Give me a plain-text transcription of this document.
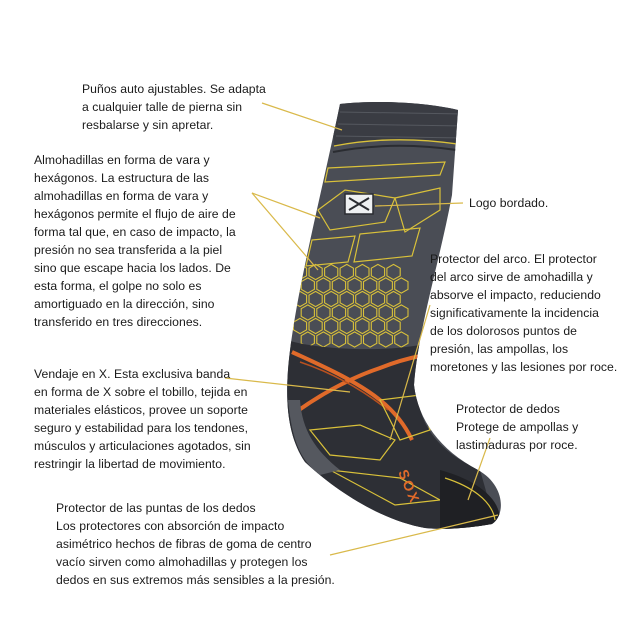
SOX
Puños auto ajustables. Se adapta
a cualquier talle de pierna sin
resbalarse y sin apretar.
Almohadillas en forma de vara y
hexágonos. La estructura de las
almohadillas en forma de vara y
hexágonos permite el flujo de aire de
forma tal que, en caso de impacto, la
presión no sea transferida a la piel
sino que escape hacia los lados. De
esta forma, el golpe no solo es
amortiguado en la dirección, sino
transferido en tres direcciones.
Logo bordado.
Protector del arco. El protector
del arco sirve de amohadilla y
absorve el impacto, reduciendo
significativamente la incidencia
de los dolorosos puntos de
presión, las ampollas, los
moretones y las lesiones por roce.
Vendaje en X. Esta exclusiva banda
en forma de X sobre el tobillo, tejida en
materiales elásticos, provee un soporte
seguro y estabilidad para los tendones,
músculos y articulaciones agotados, sin
restringir la libertad de movimiento.
Protector de dedos
Protege de ampollas y
lastimaduras por roce.
Protector de las puntas de los dedos
Los protectores con absorción de impacto
asimétrico hechos de fibras de goma de centro
vacío sirven como almohadillas y protegen los
dedos en sus extremos más sensibles a la presión.
